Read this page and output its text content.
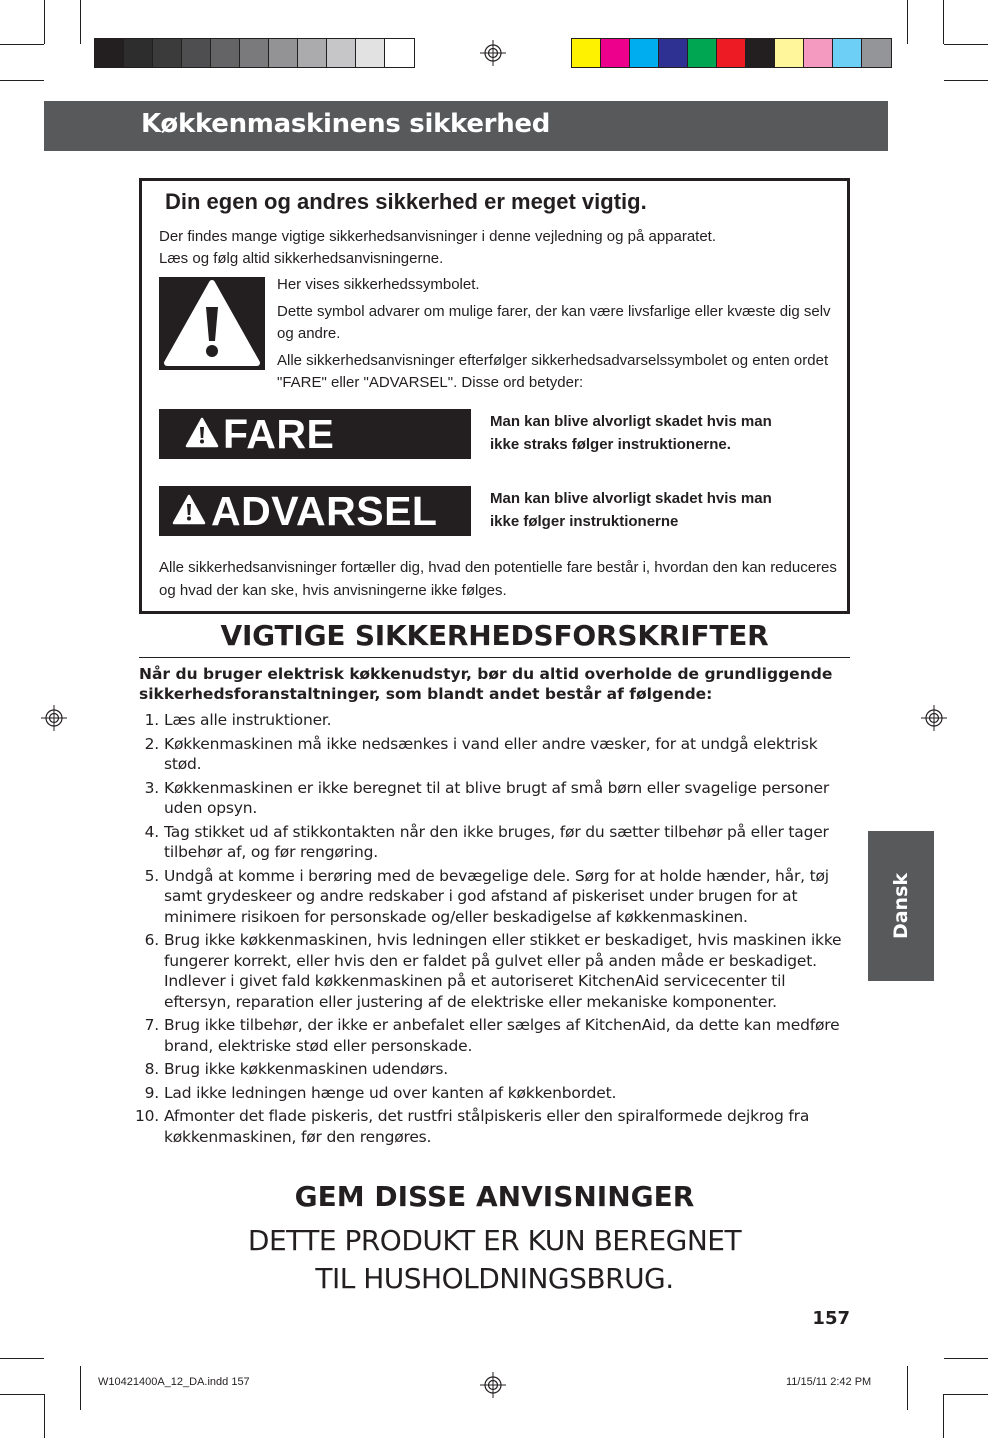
Køkkenmaskinens sikkerhed
Din egen og andres sikkerhed er meget vigtig.

Der findes mange vigtige sikkerhedsanvisninger i denne vejledning og på apparatet.

Læs og følg altid sikkerhedsanvisningerne.

Her vises sikkerhedssymbolet.

Dette symbol advarer om mulige farer, der kan være livsfarlige eller kvæste dig selv og andre.

Alle sikkerhedsanvisninger efterfølger sikkerhedsadvarselssymbolet og enten ordet "FARE" eller "ADVARSEL". Disse ord betyder:

FARE	Man kan blive alvorligt skadet hvis man
ikke straks følger instruktionerne.
ADVARSEL	Man kan blive alvorligt skadet hvis man
ikke følger instruktionerne

Alle sikkerhedsanvisninger fortæller dig, hvad den potentielle fare består i, hvordan den kan reduceres og hvad der kan ske, hvis anvisningerne ikke følges.

VIGTIGE SIKKERHEDSFORSKRIFTER
Når du bruger elektrisk køkkenudstyr, bør du altid overholde de grundliggende sikkerhedsforanstaltninger, som blandt andet består af følgende:
1. Læs alle instruktioner.
2. Køkkenmaskinen må ikke nedsænkes i vand eller andre væsker, for at undgå elektrisk stød.
3. Køkkenmaskinen er ikke beregnet til at blive brugt af små børn eller svagelige personer uden opsyn.
4. Tag stikket ud af stikkontakten når den ikke bruges, før du sætter tilbehør på eller tager tilbehør af, og før rengøring.
5. Undgå at komme i berøring med de bevægelige dele. Sørg for at holde hænder, hår, tøj samt grydeskeer og andre redskaber i god afstand af piskeriset under brugen for at minimere risikoen for personskade og/eller beskadigelse af køkkenmaskinen.
6. Brug ikke køkkenmaskinen, hvis ledningen eller stikket er beskadiget, hvis maskinen ikke fungerer korrekt, eller hvis den er faldet på gulvet eller på anden måde er beskadiget. Indlever i givet fald køkkenmaskinen på et autoriseret KitchenAid servicecenter til eftersyn, reparation eller justering af de elektriske eller mekaniske komponenter.
7. Brug ikke tilbehør, der ikke er anbefalet eller sælges af KitchenAid, da dette kan medføre brand, elektriske stød eller personskade.
8. Brug ikke køkkenmaskinen udendørs.
9. Lad ikke ledningen hænge ud over kanten af køkkenbordet.
10. Afmonter det flade piskeris, det rustfri stålpiskeris eller den spiralformede dejkrog fra køkkenmaskinen, før den rengøres.
Dansk
GEM DISSE ANVISNINGER
DETTE PRODUKT ER KUN BEREGNET
TIL HUSHOLDNINGSBRUG.
157
W10421400A_12_DA.indd 157	11/15/11 2:42 PM
